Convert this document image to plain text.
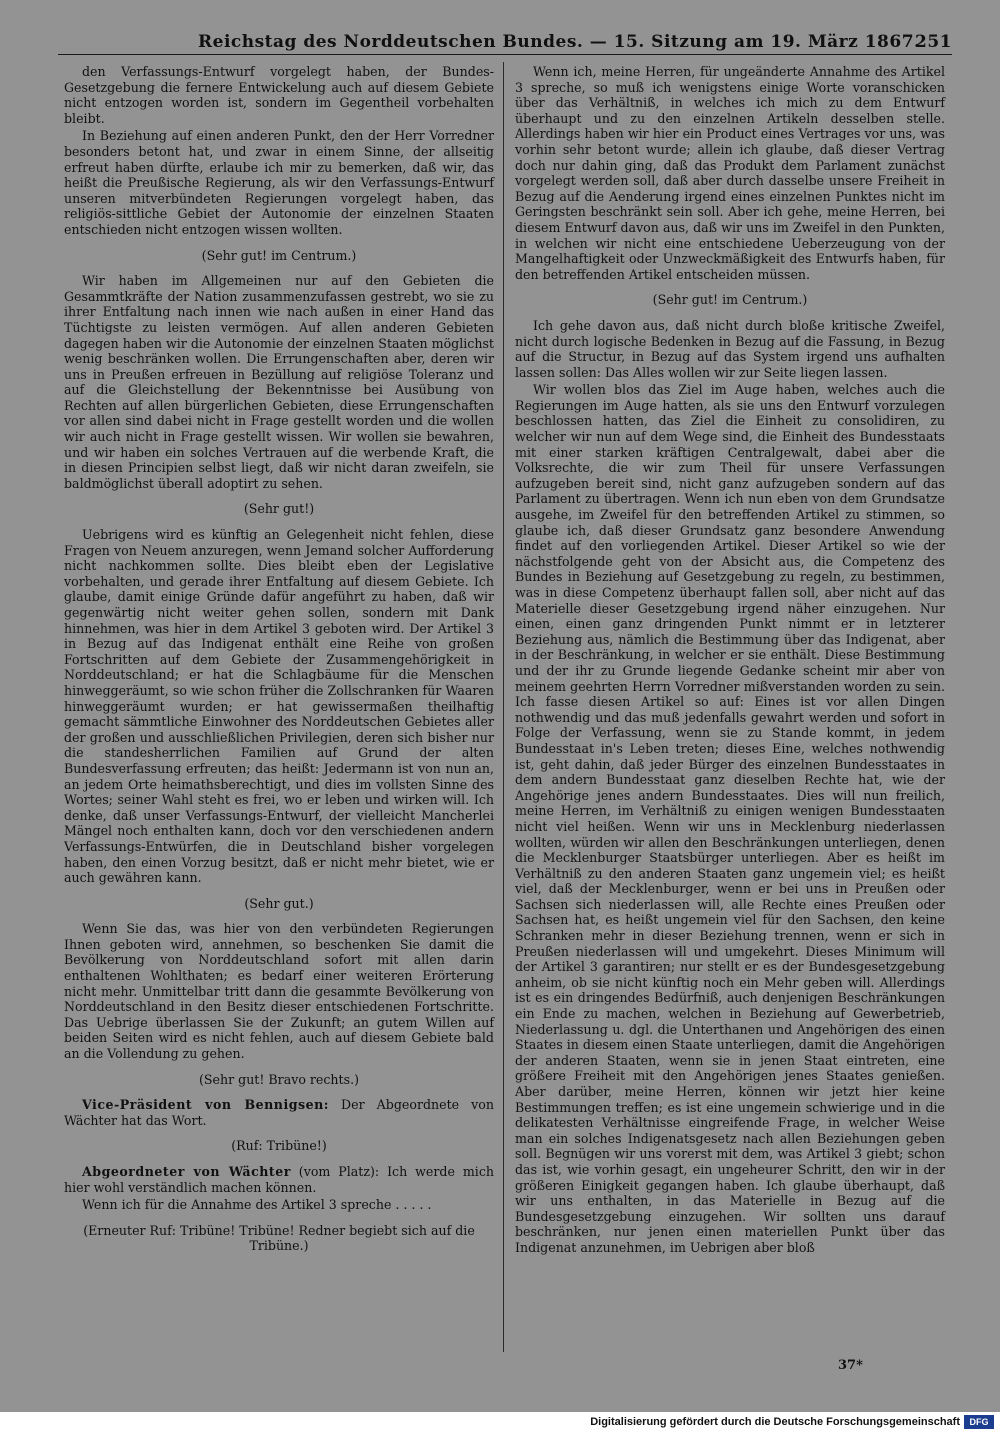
Reichstag des Norddeutschen Bundes. — 15. Sitzung am 19. März 1867.
251

den Verfassungs-Entwurf vorgelegt haben, der Bundes-Gesetzgebung die fernere Entwickelung auch auf diesem Gebiete nicht entzogen worden ist, sondern im Gegentheil vorbehalten bleibt.

In Beziehung auf einen anderen Punkt, den der Herr Vorredner besonders betont hat, und zwar in einem Sinne, der allseitig erfreut haben dürfte, erlaube ich mir zu bemerken, daß wir, das heißt die Preußische Regierung, als wir den Verfassungs-Entwurf unseren mitverbündeten Regierungen vorgelegt haben, das religiös-sittliche Gebiet der Autonomie der einzelnen Staaten entschieden nicht entzogen wissen wollten.

(Sehr gut! im Centrum.)

Wir haben im Allgemeinen nur auf den Gebieten die Gesammtkräfte der Nation zusammenzufassen gestrebt, wo sie zu ihrer Entfaltung nach innen wie nach außen in einer Hand das Tüchtigste zu leisten vermögen. Auf allen anderen Gebieten dagegen haben wir die Autonomie der einzelnen Staaten möglichst wenig beschränken wollen. Die Errungenschaften aber, deren wir uns in Preußen erfreuen in Bezüllung auf religiöse Toleranz und auf die Gleichstellung der Bekenntnisse bei Ausübung von Rechten auf allen bürgerlichen Gebieten, diese Errungenschaften vor allen sind dabei nicht in Frage gestellt worden und die wollen wir auch nicht in Frage gestellt wissen. Wir wollen sie bewahren, und wir haben ein solches Vertrauen auf die werbende Kraft, die in diesen Principien selbst liegt, daß wir nicht daran zweifeln, sie baldmöglichst überall adoptirt zu sehen.

(Sehr gut!)

Uebrigens wird es künftig an Gelegenheit nicht fehlen, diese Fragen von Neuem anzuregen, wenn Jemand solcher Aufforderung nicht nachkommen sollte. Dies bleibt eben der Legislative vorbehalten, und gerade ihrer Entfaltung auf diesem Gebiete. Ich glaube, damit einige Gründe dafür angeführt zu haben, daß wir gegenwärtig nicht weiter gehen sollen, sondern mit Dank hinnehmen, was hier in dem Artikel 3 geboten wird. Der Artikel 3 in Bezug auf das Indigenat enthält eine Reihe von großen Fortschritten auf dem Gebiete der Zusammengehörigkeit in Norddeutschland; er hat die Schlagbäume für die Menschen hinweggeräumt, so wie schon früher die Zollschranken für Waaren hinweggeräumt wurden; er hat gewissermaßen theilhaftig gemacht sämmtliche Einwohner des Norddeutschen Gebietes aller der großen und ausschließlichen Privilegien, deren sich bisher nur die standesherrlichen Familien auf Grund der alten Bundesverfassung erfreuten; das heißt: Jedermann ist von nun an, an jedem Orte heimathsberechtigt, und dies im vollsten Sinne des Wortes; seiner Wahl steht es frei, wo er leben und wirken will. Ich denke, daß unser Verfassungs-Entwurf, der vielleicht Mancherlei Mängel noch enthalten kann, doch vor den verschiedenen andern Verfassungs-Entwürfen, die in Deutschland bisher vorgelegen haben, den einen Vorzug besitzt, daß er nicht mehr bietet, wie er auch gewähren kann.

(Sehr gut.)

Wenn Sie das, was hier von den verbündeten Regierungen Ihnen geboten wird, annehmen, so beschenken Sie damit die Bevölkerung von Norddeutschland sofort mit allen darin enthaltenen Wohlthaten; es bedarf einer weiteren Erörterung nicht mehr. Unmittelbar tritt dann die gesammte Bevölkerung von Norddeutschland in den Besitz dieser entschiedenen Fortschritte. Das Uebrige überlassen Sie der Zukunft; an gutem Willen auf beiden Seiten wird es nicht fehlen, auch auf diesem Gebiete bald an die Vollendung zu gehen.

(Sehr gut! Bravo rechts.)

Vice-Präsident von Bennigsen: Der Abgeordnete von Wächter hat das Wort.

(Ruf: Tribüne!)

Abgeordneter von Wächter (vom Platz): Ich werde mich hier wohl verständlich machen können.

Wenn ich für die Annahme des Artikel 3 spreche . . . . .

(Erneuter Ruf: Tribüne! Tribüne! Redner begiebt sich auf die Tribüne.)

Wenn ich, meine Herren, für ungeänderte Annahme des Artikel 3 spreche, so muß ich wenigstens einige Worte voranschicken über das Verhältniß, in welches ich mich zu dem Entwurf überhaupt und zu den einzelnen Artikeln desselben stelle. Allerdings haben wir hier ein Product eines Vertrages vor uns, was vorhin sehr betont wurde; allein ich glaube, daß dieser Vertrag doch nur dahin ging, daß das Produkt dem Parlament zunächst vorgelegt werden soll, daß aber durch dasselbe unsere Freiheit in Bezug auf die Aenderung irgend eines einzelnen Punktes nicht im Geringsten beschränkt sein soll. Aber ich gehe, meine Herren, bei diesem Entwurf davon aus, daß wir uns im Zweifel in den Punkten, in welchen wir nicht eine entschiedene Ueberzeugung von der Mangelhaftigkeit oder Unzweckmäßigkeit des Entwurfs haben, für den betreffenden Artikel entscheiden müssen.

(Sehr gut! im Centrum.)

Ich gehe davon aus, daß nicht durch bloße kritische Zweifel, nicht durch logische Bedenken in Bezug auf die Fassung, in Bezug auf die Structur, in Bezug auf das System irgend uns aufhalten lassen sollen: Das Alles wollen wir zur Seite liegen lassen.

Wir wollen blos das Ziel im Auge haben, welches auch die Regierungen im Auge hatten, als sie uns den Entwurf vorzulegen beschlossen hatten, das Ziel die Einheit zu consolidiren, zu welcher wir nun auf dem Wege sind, die Einheit des Bundesstaats mit einer starken kräftigen Centralgewalt, dabei aber die Volksrechte, die wir zum Theil für unsere Verfassungen aufzugeben bereit sind, nicht ganz aufzugeben sondern auf das Parlament zu übertragen. Wenn ich nun eben von dem Grundsatze ausgehe, im Zweifel für den betreffenden Artikel zu stimmen, so glaube ich, daß dieser Grundsatz ganz besondere Anwendung findet auf den vorliegenden Artikel. Dieser Artikel so wie der nächstfolgende geht von der Absicht aus, die Competenz des Bundes in Beziehung auf Gesetzgebung zu regeln, zu bestimmen, was in diese Competenz überhaupt fallen soll, aber nicht auf das Materielle dieser Gesetzgebung irgend näher einzugehen. Nur einen, einen ganz dringenden Punkt nimmt er in letzterer Beziehung aus, nämlich die Bestimmung über das Indigenat, aber in der Beschränkung, in welcher er sie enthält. Diese Bestimmung und der ihr zu Grunde liegende Gedanke scheint mir aber von meinem geehrten Herrn Vorredner mißverstanden worden zu sein. Ich fasse diesen Artikel so auf: Eines ist vor allen Dingen nothwendig und das muß jedenfalls gewahrt werden und sofort in Folge der Verfassung, wenn sie zu Stande kommt, in jedem Bundesstaat in's Leben treten; dieses Eine, welches nothwendig ist, geht dahin, daß jeder Bürger des einzelnen Bundesstaates in dem andern Bundesstaat ganz dieselben Rechte hat, wie der Angehörige jenes andern Bundesstaates. Dies will nun freilich, meine Herren, im Verhältniß zu einigen wenigen Bundesstaaten nicht viel heißen. Wenn wir uns in Mecklenburg niederlassen wollten, würden wir allen den Beschränkungen unterliegen, denen die Mecklenburger Staatsbürger unterliegen. Aber es heißt im Verhältniß zu den anderen Staaten ganz ungemein viel; es heißt viel, daß der Mecklenburger, wenn er bei uns in Preußen oder Sachsen sich niederlassen will, alle Rechte eines Preußen oder Sachsen hat, es heißt ungemein viel für den Sachsen, den keine Schranken mehr in dieser Beziehung trennen, wenn er sich in Preußen niederlassen will und umgekehrt. Dieses Minimum will der Artikel 3 garantiren; nur stellt er es der Bundesgesetzgebung anheim, ob sie nicht künftig noch ein Mehr geben will. Allerdings ist es ein dringendes Bedürfniß, auch denjenigen Beschränkungen ein Ende zu machen, welchen in Beziehung auf Gewerbetrieb, Niederlassung u. dgl. die Unterthanen und Angehörigen des einen Staates in diesem einen Staate unterliegen, damit die Angehörigen der anderen Staaten, wenn sie in jenen Staat eintreten, eine größere Freiheit mit den Angehörigen jenes Staates genießen. Aber darüber, meine Herren, können wir jetzt hier keine Bestimmungen treffen; es ist eine ungemein schwierige und in die delikatesten Verhältnisse eingreifende Frage, in welcher Weise man ein solches Indigenatsgesetz nach allen Beziehungen geben soll. Begnügen wir uns vorerst mit dem, was Artikel 3 giebt; schon das ist, wie vorhin gesagt, ein ungeheurer Schritt, den wir in der größeren Einigkeit gegangen haben. Ich glaube überhaupt, daß wir uns enthalten, in das Materielle in Bezug auf die Bundesgesetzgebung einzugehen. Wir sollten uns darauf beschränken, nur jenen einen materiellen Punkt über das Indigenat anzunehmen, im Uebrigen aber bloß

37*
Digitalisierung gefördert durch die Deutsche Forschungsgemeinschaft	DFG
